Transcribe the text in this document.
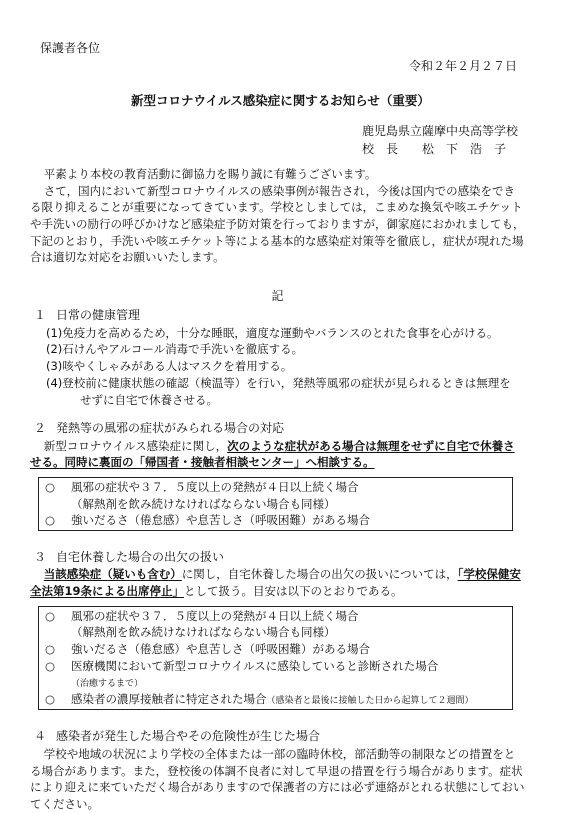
保護者各位
令和２年２月２７日
新型コロナウイルス感染症に関するお知らせ（重要）
鹿児島県立薩摩中央高等学校
校　長 松　下　浩　子

平素より本校の教育活動に御協力を賜り誠に有難うございます。

さて，国内において新型コロナウイルスの感染事例が報告され，今後は国内での感染をできる限り抑えることが重要になってきています。学校としましては，こまめな換気や咳エチケットや手洗いの励行の呼びかけなど感染症予防対策を行っておりますが，御家庭におかれましても，下記のとおり，手洗いや咳エチケット等による基本的な感染症対策等を徹底し，症状が現れた場合は適切な対応をお願いいたします。

記
１ 日常の健康管理
(1)免疫力を高めるため，十分な睡眠，適度な運動やバランスのとれた食事を心がける。
(2)石けんやアルコール消毒で手洗いを徹底する。
(3)咳やくしゃみがある人はマスクを着用する。
(4)登校前に健康状態の確認（検温等）を行い，発熱等風邪の症状が見られるときは無理を
せずに自宅で休養させる。
２ 発熱等の風邪の症状がみられる場合の対応

新型コロナウイルス感染症に関し，次のような症状がある場合は無理をせずに自宅で休養させる。同時に裏面の「帰国者・接触者相談センター」へ相談する。

○	風邪の症状や３７．５度以上の発熱が４日以上続く場合
（解熱剤を飲み続けなければならない場合も同様）
○	強いだるさ（倦怠感）や息苦しさ（呼吸困難）がある場合
３ 自宅休養した場合の出欠の扱い

当該感染症（疑いも含む）に関し，自宅休養した場合の出欠の扱いについては，「学校保健安全法第19条による出席停止」として扱う。目安は以下のとおりである。

○	風邪の症状や３７．５度以上の発熱が４日以上続く場合
（解熱剤を飲み続けなければならない場合も同様）
○	強いだるさ（倦怠感）や息苦しさ（呼吸困難）がある場合
○	医療機関において新型コロナウイルスに感染していると診断された場合（治癒するまで）
○	感染者の濃厚接触者に特定された場合（感染者と最後に接触した日から起算して２週間）
４ 感染者が発生した場合やその危険性が生じた場合

学校や地域の状況により学校の全体または一部の臨時休校，部活動等の制限などの措置をとる場合があります。また，登校後の体調不良者に対して早退の措置を行う場合があります。症状により迎えに来ていただく場合がありますので保護者の方には必ず連絡がとれる状態にしておいてください。
